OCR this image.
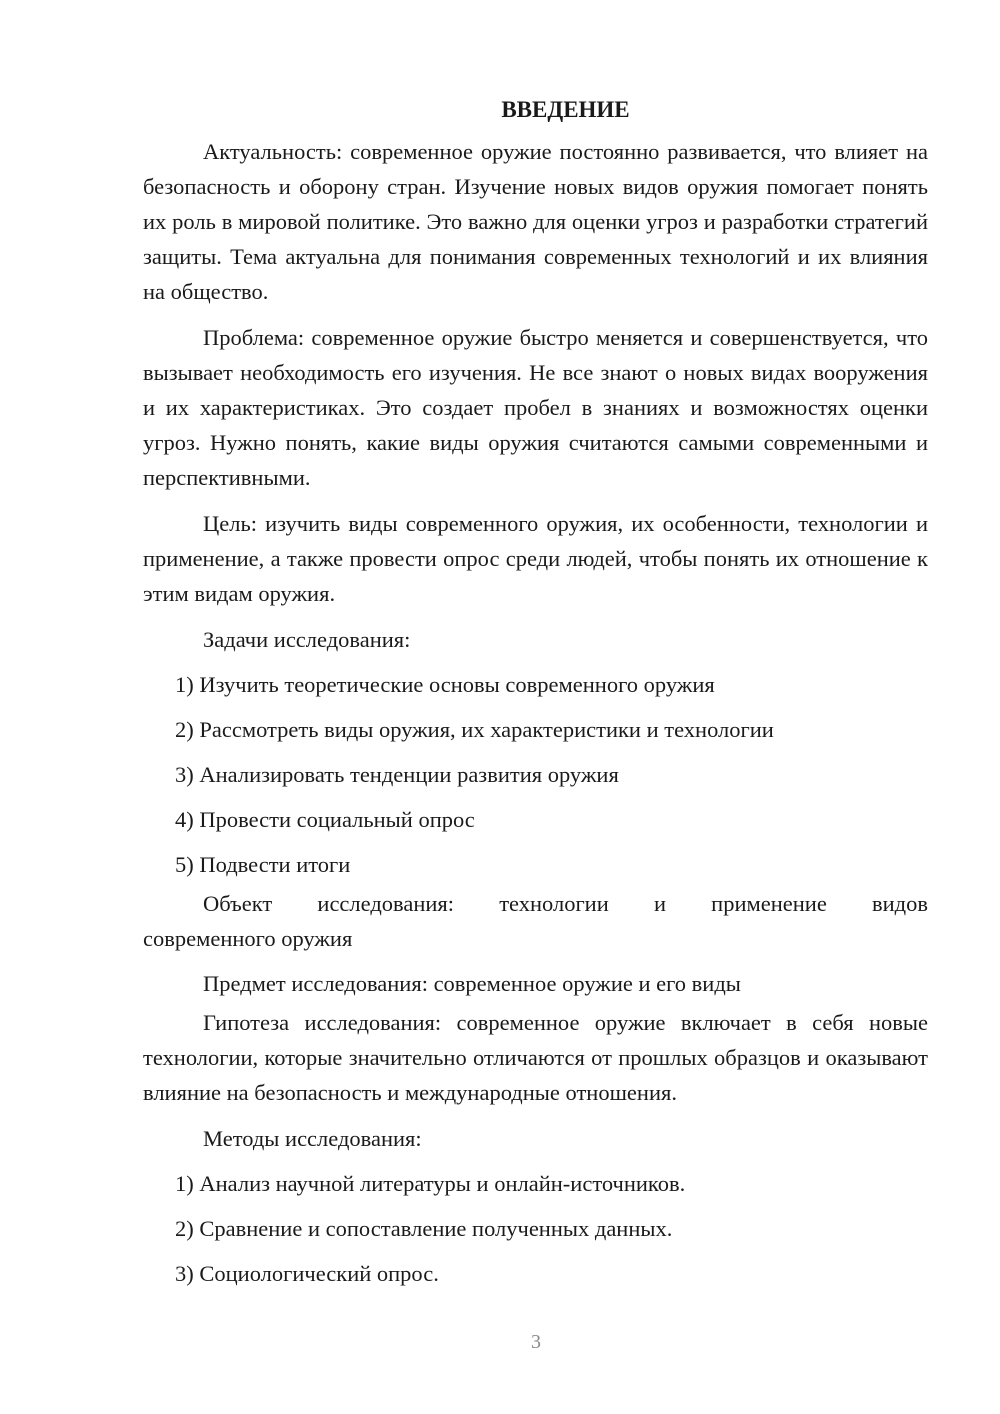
ВВЕДЕНИЕ

Актуальность: современное оружие постоянно развивается, что влияет на безопасность и оборону стран. Изучение новых видов оружия помогает понять их роль в мировой политике. Это важно для оценки угроз и разработки стратегий защиты. Тема актуальна для понимания современных технологий и их влияния на общество.

Проблема: современное оружие быстро меняется и совершенствуется, что вызывает необходимость его изучения. Не все знают о новых видах вооружения и их характеристиках. Это создает пробел в знаниях и возможностях оценки угроз. Нужно понять, какие виды оружия считаются самыми современными и перспективными.

Цель: изучить виды современного оружия, их особенности, технологии и применение, а также провести опрос среди людей, чтобы понять их отношение к этим видам оружия.

Задачи исследования:
1) Изучить теоретические основы современного оружия
2) Рассмотреть виды оружия, их характеристики и технологии
3) Анализировать тенденции развития оружия
4) Провести социальный опрос
5) Подвести итоги
Объект исследования: технологии и применение видов
современного оружия
Предмет исследования: современное оружие и его виды

Гипотеза исследования: современное оружие включает в себя новые технологии, которые значительно отличаются от прошлых образцов и оказывают влияние на безопасность и международные отношения.

Методы исследования:
1) Анализ научной литературы и онлайн-источников.
2) Сравнение и сопоставление полученных данных.
3) Социологический опрос.
3
